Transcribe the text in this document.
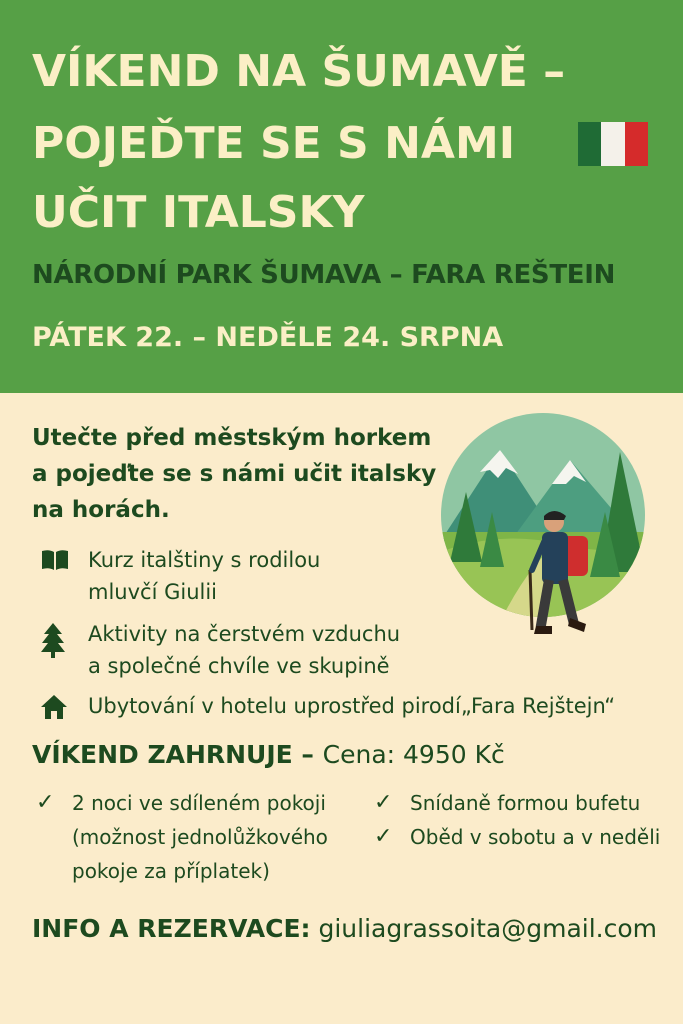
VÍKEND NA ŠUMAVĚ –
POJEĎTE SE S NÁMI
UČIT ITALSKY
NÁRODNÍ PARK ŠUMAVA – FARA REŠTEIN
PÁTEK 22. – NEDĚLE 24. SRPNA
Utečte před městským horkem
a pojeďte se s námi učit italsky
na horách.
Kurz italštiny s rodilou
mluvčí Giulii
Aktivity na čerstvém vzduchu
a společné chvíle ve skupině
Ubytování v hotelu uprostřed pirodí„Fara Rejštejn“
VÍKEND ZAHRNUJE – Cena: 4950 Kč
✓ 2 noci ve sdíleném pokoji
(možnost jednolůžkového
pokoje za příplatek)
✓ Snídaně formou bufetu
✓ Oběd v sobotu a v neděli
INFO A REZERVACE: giuliagrassoita@gmail.com
